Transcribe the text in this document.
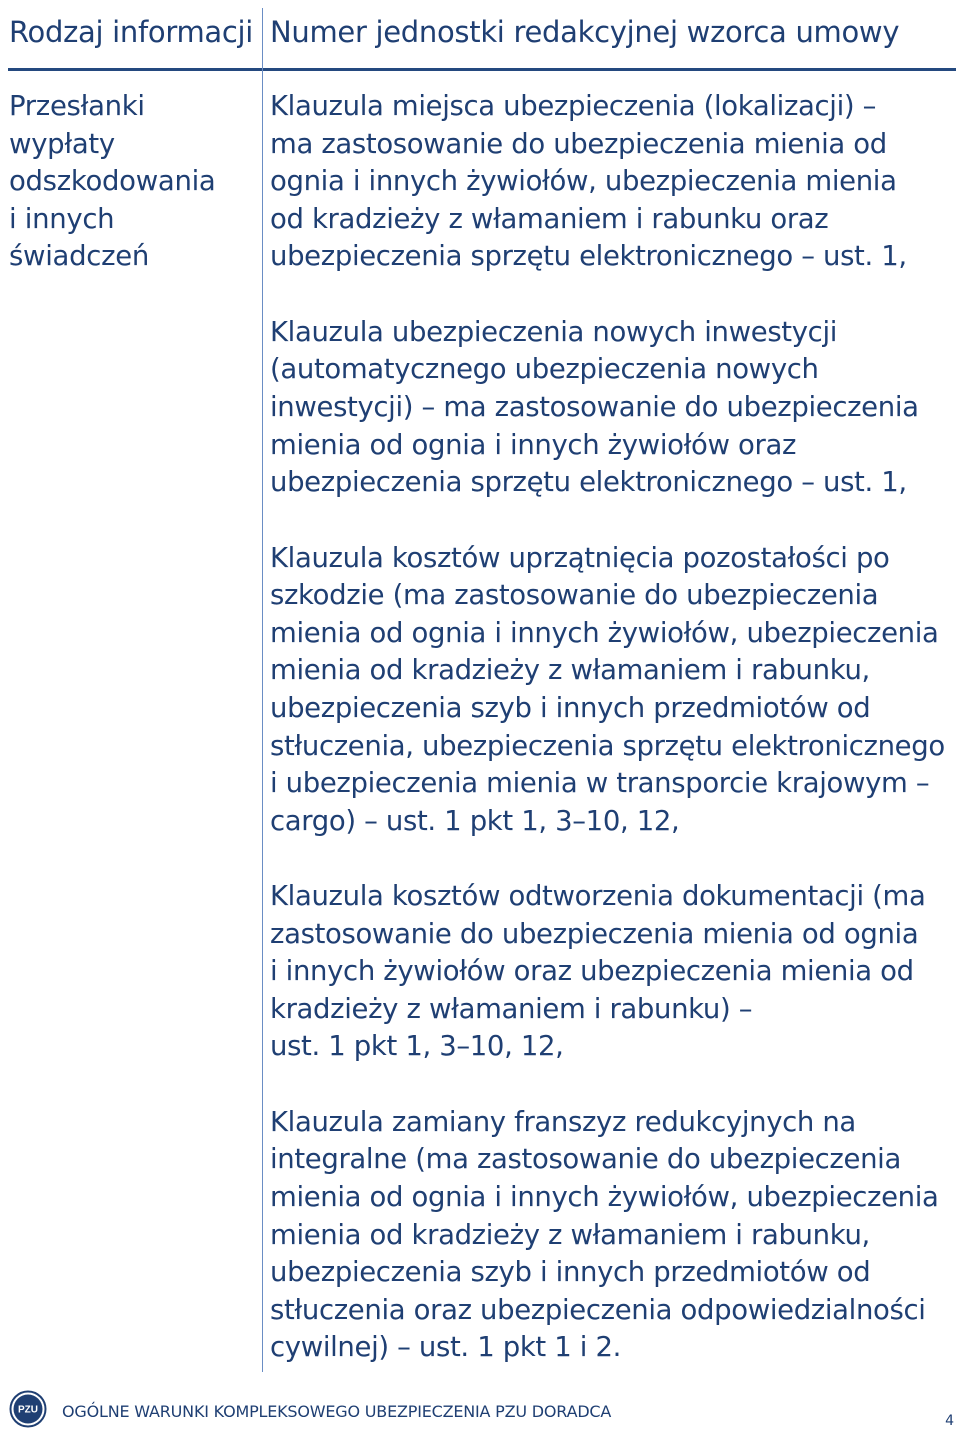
Rodzaj informacji Numer jednostki redakcyjnej wzorca umowy
Przesłanki
wypłaty
odszkodowania
i innych
świadczeń
Klauzula miejsca ubezpieczenia (lokalizacji) –
ma zastosowanie do ubezpieczenia mienia od
ognia i innych żywiołów, ubezpieczenia mienia
od kradzieży z włamaniem i rabunku oraz
ubezpieczenia sprzętu elektronicznego – ust. 1,
Klauzula ubezpieczenia nowych inwestycji
(automatycznego ubezpieczenia nowych
inwestycji) – ma zastosowanie do ubezpieczenia
mienia od ognia i innych żywiołów oraz
ubezpieczenia sprzętu elektronicznego – ust. 1,
Klauzula kosztów uprzątnięcia pozostałości po
szkodzie (ma zastosowanie do ubezpieczenia
mienia od ognia i innych żywiołów, ubezpieczenia
mienia od kradzieży z włamaniem i rabunku,
ubezpieczenia szyb i innych przedmiotów od
stłuczenia, ubezpieczenia sprzętu elektronicznego
i ubezpieczenia mienia w transporcie krajowym –
cargo) – ust. 1 pkt 1, 3–10, 12,
Klauzula kosztów odtworzenia dokumentacji (ma
zastosowanie do ubezpieczenia mienia od ognia
i innych żywiołów oraz ubezpieczenia mienia od
kradzieży z włamaniem i rabunku) –
ust. 1 pkt 1, 3–10, 12,
Klauzula zamiany franszyz redukcyjnych na
integralne (ma zastosowanie do ubezpieczenia
mienia od ognia i innych żywiołów, ubezpieczenia
mienia od kradzieży z włamaniem i rabunku,
ubezpieczenia szyb i innych przedmiotów od
stłuczenia oraz ubezpieczenia odpowiedzialności
cywilnej) – ust. 1 pkt 1 i 2.
PZU OGÓLNE WARUNKI KOMPLEKSOWEGO UBEZPIECZENIA PZU DORADCA	4
